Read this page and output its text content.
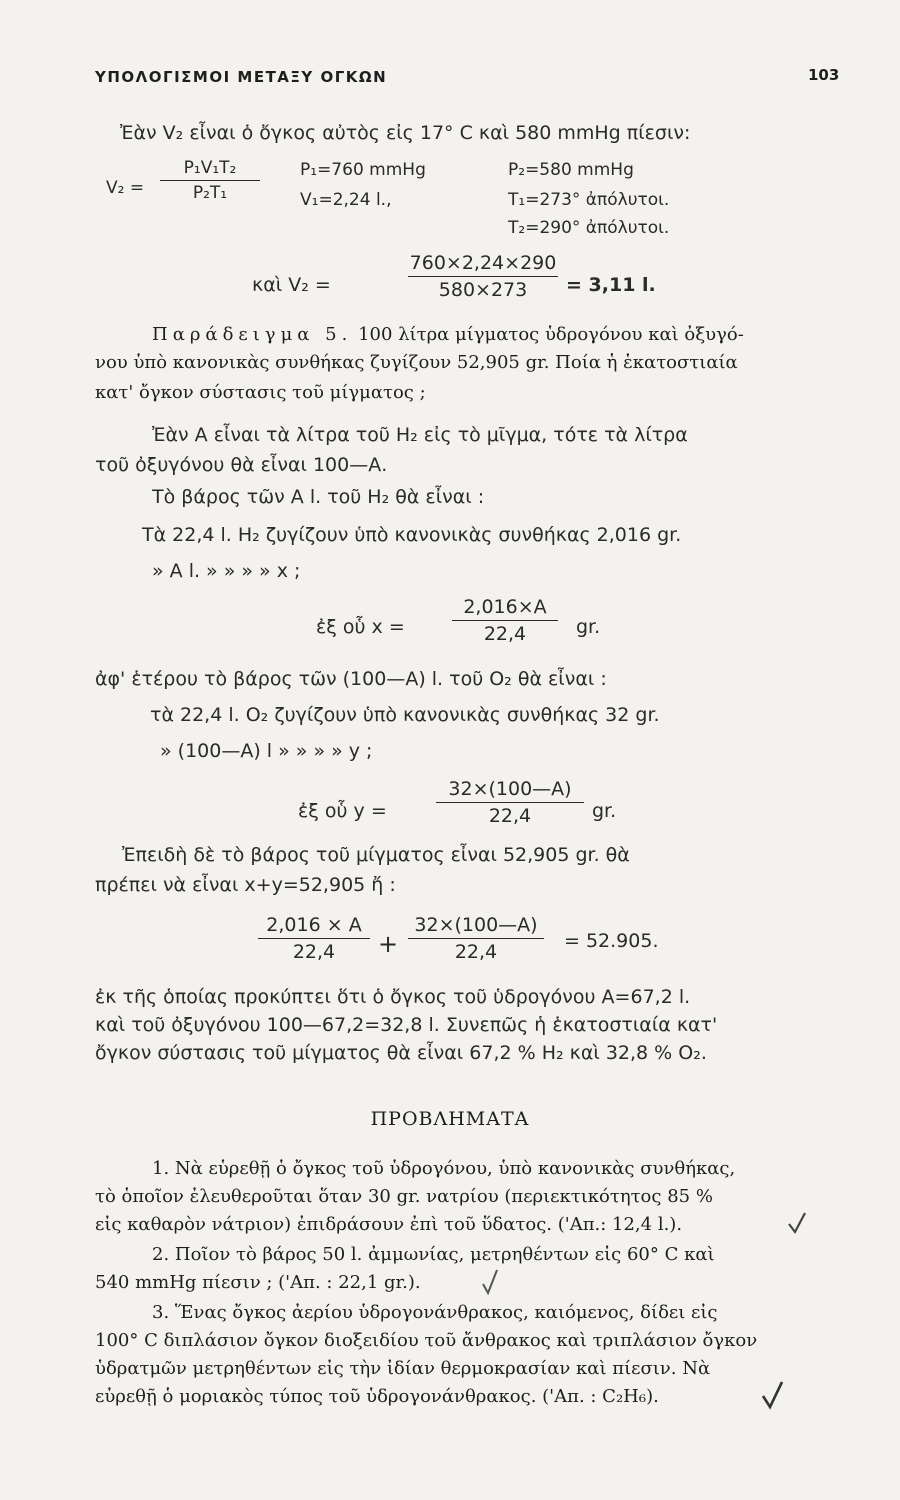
ΥΠΟΛΟΓΙΣΜΟΙ ΜΕΤΑΞΥ ΟΓΚΩΝ	103
Ἐὰν V₂ εἶναι ὁ ὄγκος αὐτὸς εἰς 17° C καὶ 580 mmHg πίεσιν:
V₂ =
P₁V₁T₂
P₂T₁
P₁=760 mmHg
V₁=2,24 l.,
P₂=580 mmHg
T₁=273° ἀπόλυτοι.
T₂=290° ἀπόλυτοι.
καὶ V₂ =
760×2,24×290
580×273	= 3,11 l.
Παράδειγμα 5. 100 λίτρα μίγματος ὑδρογόνου καὶ ὀξυγό-
νου ὑπὸ κανονικὰς συνθήκας ζυγίζουν 52,905 gr. Ποία ἡ ἑκατοστιαία
κατ' ὄγκον σύστασις τοῦ μίγματος ;
Ἐὰν Α εἶναι τὰ λίτρα τοῦ H₂ εἰς τὸ μῖγμα, τότε τὰ λίτρα
τοῦ ὀξυγόνου θὰ εἶναι 100—Α.
Τὸ βάρος τῶν Α l. τοῦ H₂ θὰ εἶναι :
Τὰ 22,4 l. H₂ ζυγίζουν ὑπὸ κανονικὰς συνθήκας 2,016 gr.
» Α l. » » » » x ;
ἐξ οὗ x =
2,016×Α
22,4	gr.
ἀφ' ἑτέρου τὸ βάρος τῶν (100—Α) l. τοῦ O₂ θὰ εἶναι :
τὰ 22,4 l. O₂ ζυγίζουν ὑπὸ κανονικὰς συνθήκας 32 gr.
» (100—Α) l » » » » y ;
ἐξ οὗ y =
32×(100—Α)
22,4	gr.
Ἐπειδὴ δὲ τὸ βάρος τοῦ μίγματος εἶναι 52,905 gr. θὰ
πρέπει νὰ εἶναι x+y=52,905 ἤ :
2,016 × Α
22,4	+
32×(100—Α)
22,4	= 52.905.
ἐκ τῆς ὁποίας προκύπτει ὅτι ὁ ὄγκος τοῦ ὑδρογόνου Α=67,2 l.
καὶ τοῦ ὀξυγόνου 100—67,2=32,8 l. Συνεπῶς ἡ ἑκατοστιαία κατ'
ὄγκον σύστασις τοῦ μίγματος θὰ εἶναι 67,2 % H₂ καὶ 32,8 % O₂.
ΠΡΟΒΛΗΜΑΤΑ
1. Νὰ εὑρεθῇ ὁ ὄγκος τοῦ ὑδρογόνου, ὑπὸ κανονικὰς συνθήκας,
τὸ ὁποῖον ἐλευθεροῦται ὅταν 30 gr. νατρίου (περιεκτικότητος 85 %
εἰς καθαρὸν νάτριον) ἐπιδράσουν ἐπὶ τοῦ ὕδατος. ('Απ.: 12,4 l.).
2. Ποῖον τὸ βάρος 50 l. ἀμμωνίας, μετρηθέντων εἰς 60° C καὶ
540 mmHg πίεσιν ; ('Απ. : 22,1 gr.).
3. Ἕνας ὄγκος ἀερίου ὑδρογονάνθρακος, καιόμενος, δίδει εἰς
100° C διπλάσιον ὄγκον διοξειδίου τοῦ ἄνθρακος καὶ τριπλάσιον ὄγκον
ὑδρατμῶν μετρηθέντων εἰς τὴν ἰδίαν θερμοκρασίαν καὶ πίεσιν. Νὰ
εὑρεθῇ ὁ μοριακὸς τύπος τοῦ ὑδρογονάνθρακος. ('Απ. : C₂H₆).
